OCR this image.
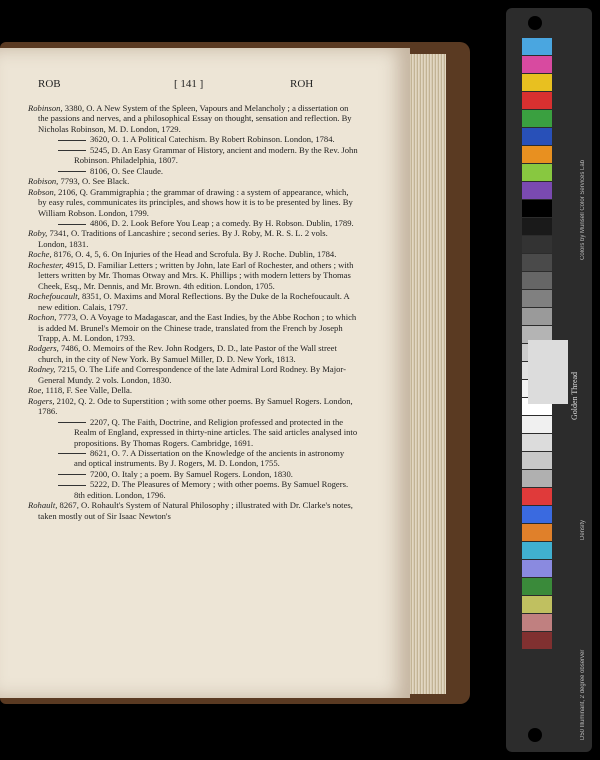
ROB	[ 141 ]	ROH
Robinson, 3380, O. A New System of the Spleen, Vapours and Melancholy ; a dissertation on the passions and nerves, and a philosophical Essay on thought, sensation and reflection. By Nicholas Robinson, M. D. London, 1729.
3620, O. 1. A Political Catechism. By Robert Robinson. London, 1784.
5245, D. An Easy Grammar of History, ancient and modern. By the Rev. John Robinson. Philadelphia, 1807.
8106, O. See Claude.
Robison, 7793, O. See Black.
Robson, 2106, Q. Grammigraphia ; the grammar of drawing : a system of appearance, which, by easy rules, communicates its principles, and shows how it is to be presented by lines. By William Robson. London, 1799.
4806, D. 2. Look Before You Leap ; a comedy. By H. Robson. Dublin, 1789.
Roby, 7341, O. Traditions of Lancashire ; second series. By J. Roby, M. R. S. L. 2 vols. London, 1831.
Roche, 8176, O. 4, 5, 6. On Injuries of the Head and Scrofula. By J. Roche. Dublin, 1784.
Rochester, 4915, D. Familiar Letters ; written by John, late Earl of Rochester, and others ; with letters written by Mr. Thomas Otway and Mrs. K. Phillips ; with modern letters by Thomas Cheek, Esq., Mr. Dennis, and Mr. Brown. 4th edition. London, 1705.
Rochefoucault, 8351, O. Maxims and Moral Reflections. By the Duke de la Rochefoucault. A new edition. Calais, 1797.
Rochon, 7773, O. A Voyage to Madagascar, and the East Indies, by the Abbe Rochon ; to which is added M. Brunel's Memoir on the Chinese trade, translated from the French by Joseph Trapp, A. M. London, 1793.
Rodgers, 7486, O. Memoirs of the Rev. John Rodgers, D. D., late Pastor of the Wall street church, in the city of New York. By Samuel Miller, D. D. New York, 1813.
Rodney, 7215, O. The Life and Correspondence of the late Admiral Lord Rodney. By Major-General Mundy. 2 vols. London, 1830.
Roe, 1118, F. See Valle, Della.
Rogers, 2102, Q. 2. Ode to Superstition ; with some other poems. By Samuel Rogers. London, 1786.
2207, Q. The Faith, Doctrine, and Religion professed and protected in the Realm of England, expressed in thirty-nine articles. The said articles analysed into propositions. By Thomas Rogers. Cambridge, 1691.
8621, O. 7. A Dissertation on the Knowledge of the ancients in astronomy and optical instruments. By J. Rogers, M. D. London, 1755.
7200, O. Italy ; a poem. By Samuel Rogers. London, 1830.
5222, D. The Pleasures of Memory ; with other poems. By Samuel Rogers. 8th edition. London, 1796.
Rohault, 8267, O. Rohault's System of Natural Philosophy ; illustrated with Dr. Clarke's notes, taken mostly out of Sir Isaac Newton's
Golden Thread
Colors by Munsell Color Services Lab
D50 Illuminant, 2 degree observer
Density
